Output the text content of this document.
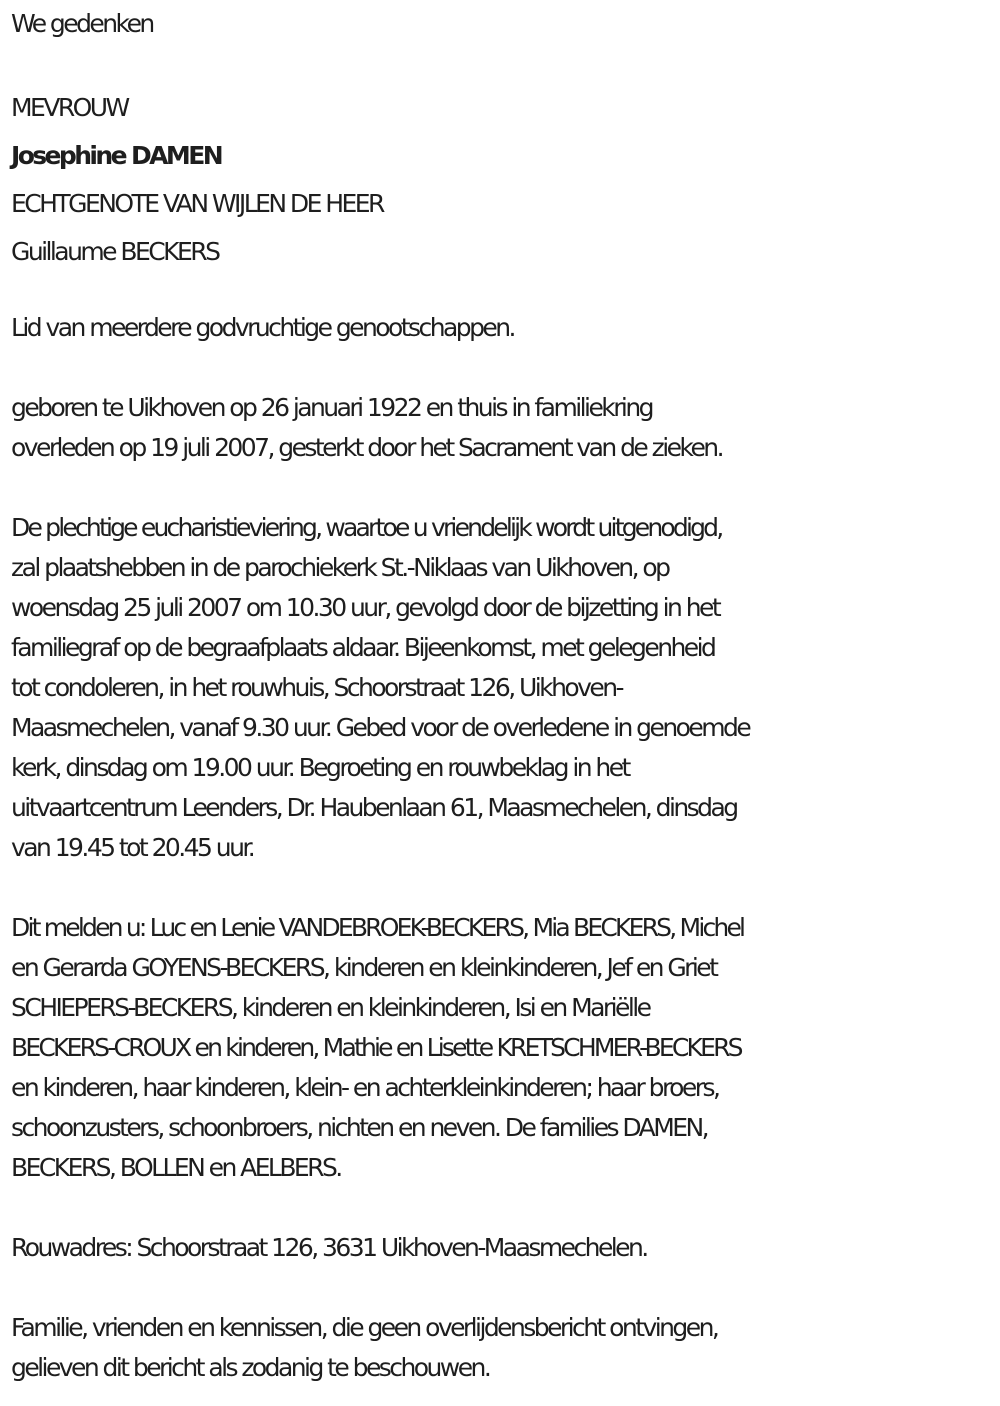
We gedenken

MEVROUW

Josephine DAMEN

ECHTGENOTE VAN WIJLEN DE HEER

Guillaume BECKERS

Lid van meerdere godvruchtige genootschappen.

geboren te Uikhoven op 26 januari 1922 en thuis in familiekring

overleden op 19 juli 2007, gesterkt door het Sacrament van de zieken.

De plechtige eucharistieviering, waartoe u vriendelijk wordt uitgenodigd,

zal plaatshebben in de parochiekerk St.-Niklaas van Uikhoven, op

woensdag 25 juli 2007 om 10.30 uur, gevolgd door de bijzetting in het

familiegraf op de begraafplaats aldaar. Bijeenkomst, met gelegenheid

tot condoleren, in het rouwhuis, Schoorstraat 126, Uikhoven-

Maasmechelen, vanaf 9.30 uur. Gebed voor de overledene in genoemde

kerk, dinsdag om 19.00 uur. Begroeting en rouwbeklag in het

uitvaartcentrum Leenders, Dr. Haubenlaan 61, Maasmechelen, dinsdag

van 19.45 tot 20.45 uur.

Dit melden u: Luc en Lenie VANDEBROEK-BECKERS, Mia BECKERS, Michel

en Gerarda GOYENS-BECKERS, kinderen en kleinkinderen, Jef en Griet

SCHIEPERS-BECKERS, kinderen en kleinkinderen, Isi en Mariëlle

BECKERS-CROUX en kinderen, Mathie en Lisette KRETSCHMER-BECKERS

en kinderen, haar kinderen, klein- en achterkleinkinderen; haar broers,

schoonzusters, schoonbroers, nichten en neven. De families DAMEN,

BECKERS, BOLLEN en AELBERS.

Rouwadres: Schoorstraat 126, 3631 Uikhoven-Maasmechelen.

Familie, vrienden en kennissen, die geen overlijdensbericht ontvingen,

gelieven dit bericht als zodanig te beschouwen.
